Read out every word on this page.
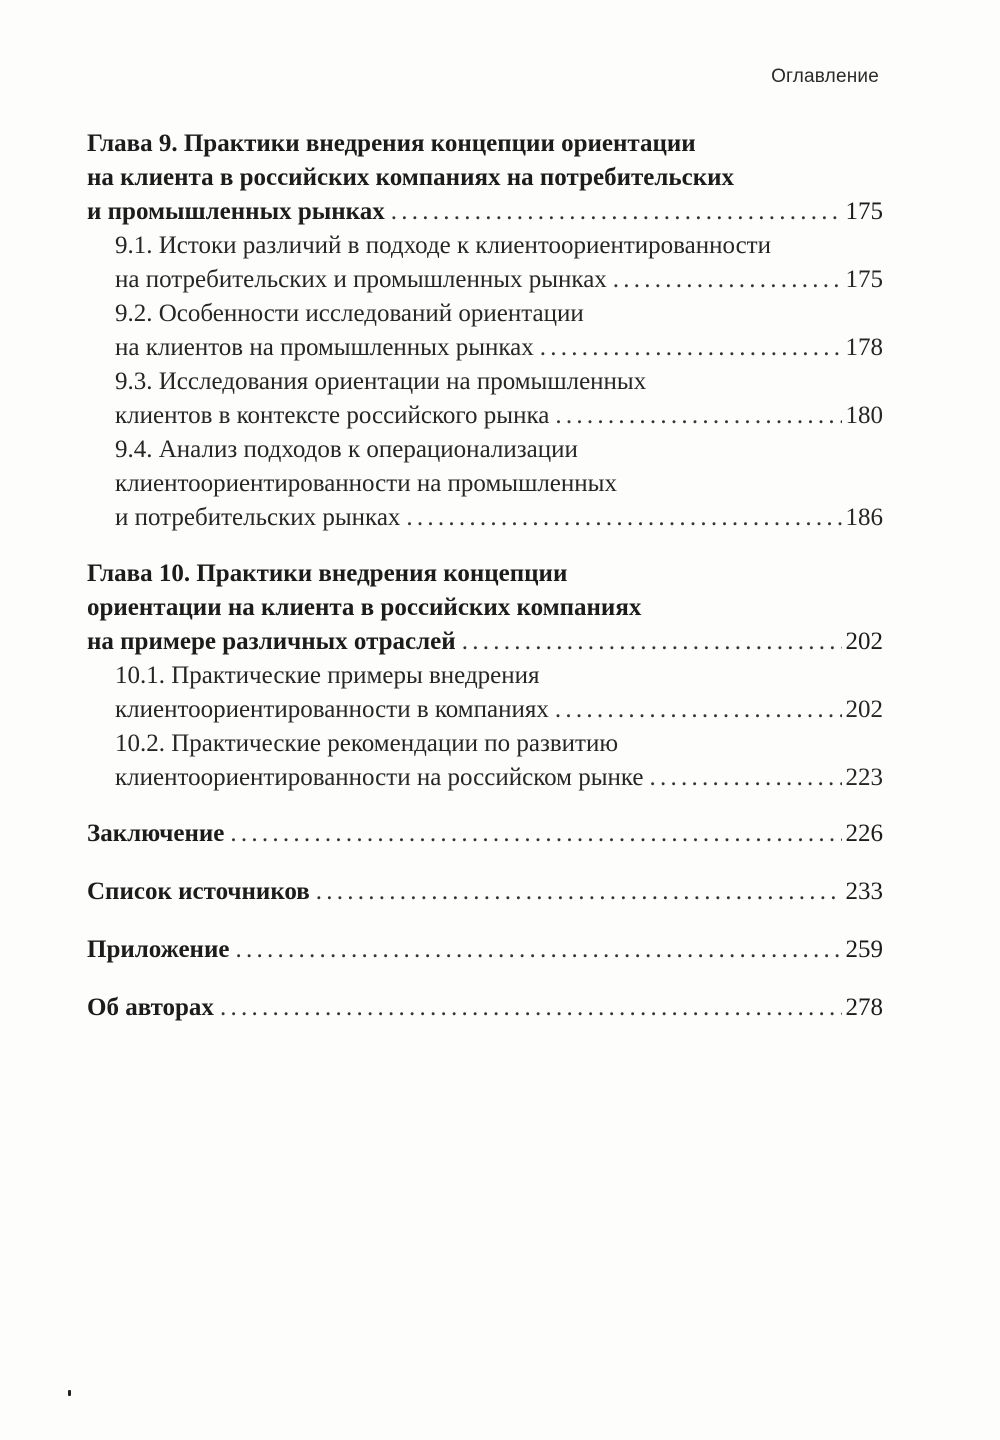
Оглавление
Глава 9. Практики внедрения концепции ориентации
на клиента в российских компаниях на потребительских
и промышленных рынках . . .	175
9.1. Истоки различий в подходе к клиентоориентированности
на потребительских и промышленных рынках . . .	175
9.2. Особенности исследований ориентации
на клиентов на промышленных рынках . . .	178
9.3. Исследования ориентации на промышленных
клиентов в контексте российского рынка . . .	180
9.4. Анализ подходов к операционализации
клиентоориентированности на промышленных
и потребительских рынках . . .	186
Глава 10. Практики внедрения концепции
ориентации на клиента в российских компаниях
на примере различных отраслей . . .	202
10.1. Практические примеры внедрения
клиентоориентированности в компаниях . . .	202
10.2. Практические рекомендации по развитию
клиентоориентированности на российском рынке . . .	223
Заключение . . .	226
Список источников . . .	233
Приложение . . .	259
Об авторах . . .	278
